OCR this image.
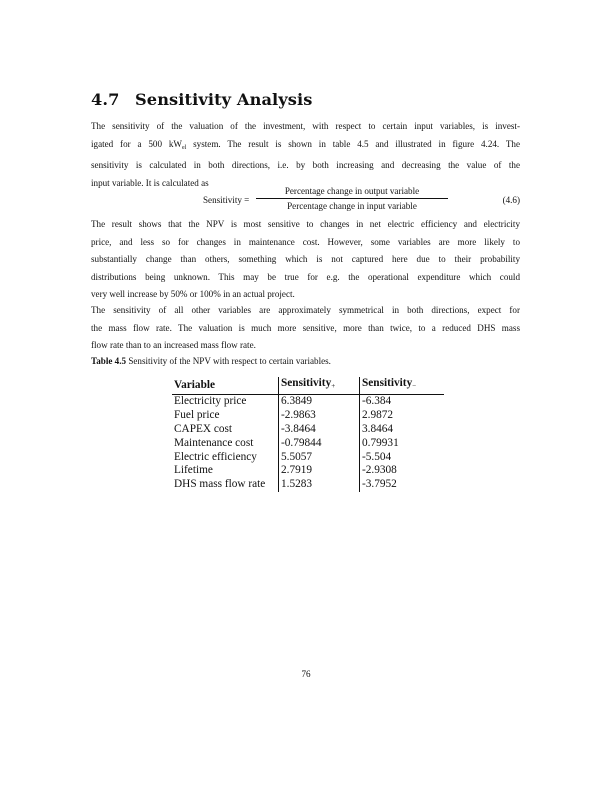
4.7 Sensitivity Analysis
The sensitivity of the valuation of the investment, with respect to certain input variables, is invest-
igated for a 500 $kW_{el}$ system. The result is shown in table 4.5 and illustrated in figure 4.24. The
sensitivity is calculated in both directions, i.e. by both increasing and decreasing the value of the
input variable. It is calculated as
Sensitivity =
Percentage change in output variable
Percentage change in input variable
(4.6)
The result shows that the NPV is most sensitive to changes in net electric efficiency and electricity
price, and less so for changes in maintenance cost. However, some variables are more likely to
substantially change than others, something which is not captured here due to their probability
distributions being unknown. This may be true for e.g. the operational expenditure which could
very well increase by 50% or 100% in an actual project.
The sensitivity of all other variables are approximately symmetrical in both directions, expect for
the mass flow rate. The valuation is much more sensitive, more than twice, to a reduced DHS mass
flow rate than to an increased mass flow rate.
Table 4.5 Sensitivity of the NPV with respect to certain variables.
Variable	Sensitivity$_+$	Sensitivity$_-$
Electricity price	6.3849	-6.384
Fuel price	-2.9863	2.9872
CAPEX cost	-3.8464	3.8464
Maintenance cost	-0.79844	0.79931
Electric efficiency	5.5057	-5.504
Lifetime	2.7919	-2.9308
DHS mass flow rate	1.5283	-3.7952
76
